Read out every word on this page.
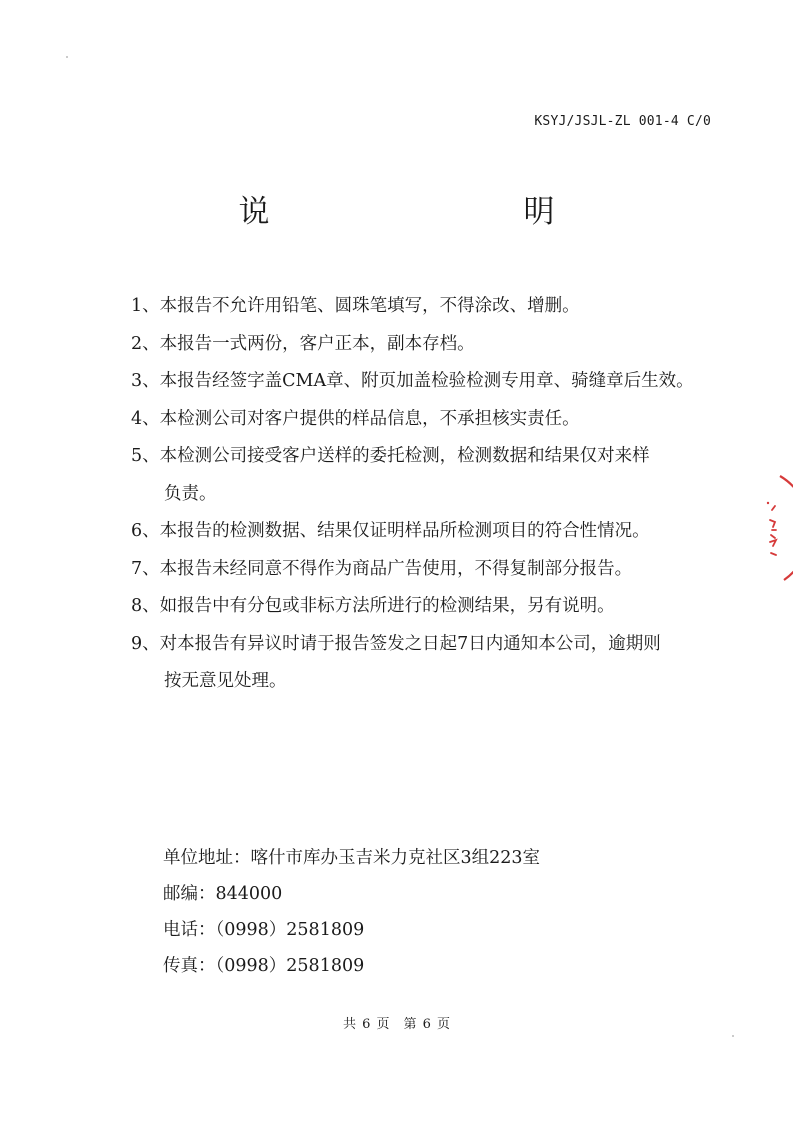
KSYJ/JSJL-ZL 001-4 C/0
说　　明
1、本报告不允许用铅笔、圆珠笔填写，不得涂改、增删。
2、本报告一式两份，客户正本，副本存档。
3、本报告经签字盖CMA章、附页加盖检验检测专用章、骑缝章后生效。
4、本检测公司对客户提供的样品信息，不承担核实责任。
5、本检测公司接受客户送样的委托检测，检测数据和结果仅对来样
负责。
6、本报告的检测数据、结果仅证明样品所检测项目的符合性情况。
7、本报告未经同意不得作为商品广告使用，不得复制部分报告。
8、如报告中有分包或非标方法所进行的检测结果，另有说明。
9、对本报告有异议时请于报告签发之日起7日内通知本公司，逾期则
按无意见处理。
单位地址：喀什市库办玉吉米力克社区3组223室
邮编：844000
电话：（0998）2581809
传真：（0998）2581809
共 6 页 第 6 页
